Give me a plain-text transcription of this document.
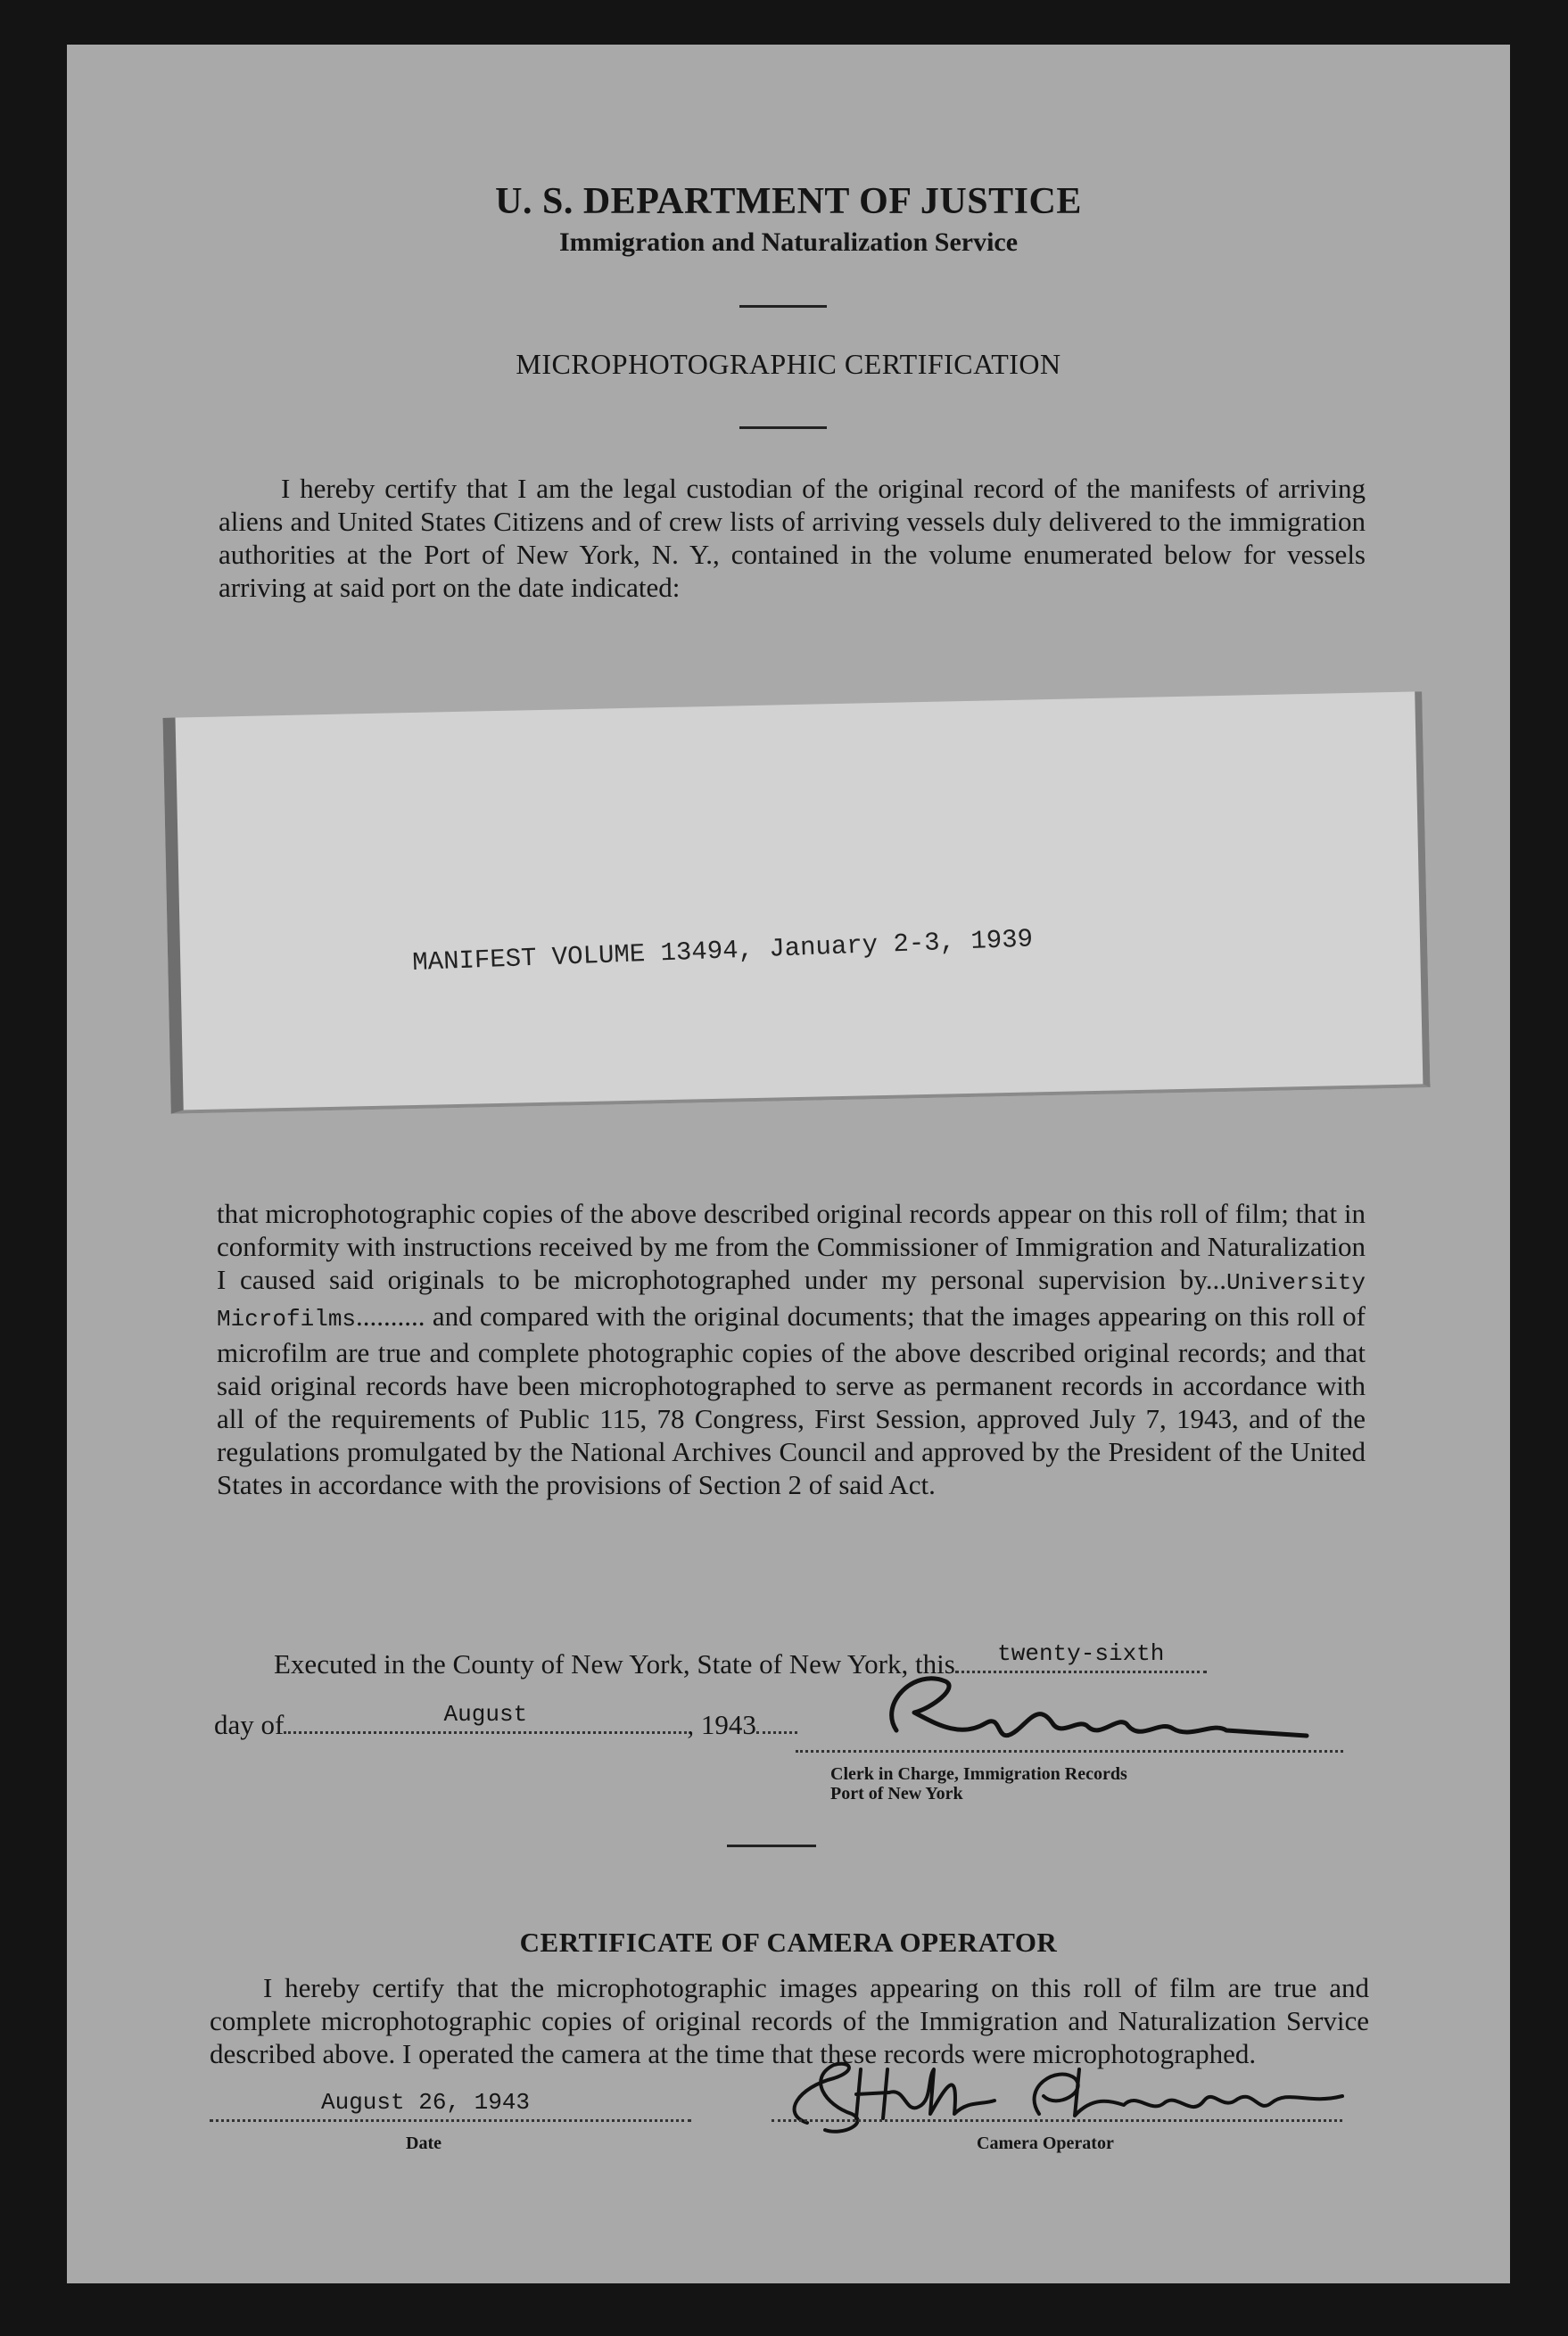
U. S. DEPARTMENT OF JUSTICE
Immigration and Naturalization Service
MICROPHOTOGRAPHIC CERTIFICATION
I hereby certify that I am the legal custodian of the original record of the manifests of arriving aliens and United States Citizens and of crew lists of arriving vessels duly delivered to the immigration authorities at the Port of New York, N. Y., contained in the volume enumerated below for vessels arriving at said port on the date indicated:
MANIFEST VOLUME 13494, January 2-3, 1939
that microphotographic copies of the above described original records appear on this roll of film; that in conformity with instructions received by me from the Commissioner of Immigration and Naturalization I caused said originals to be microphotographed under my personal supervision by...University Microfilms.......... and compared with the original documents; that the images appearing on this roll of microfilm are true and complete photographic copies of the above described original records; and that said original records have been microphotographed to serve as permanent records in accordance with all of the requirements of Public 115, 78 Congress, First Session, approved July 7, 1943, and of the regulations promulgated by the National Archives Council and approved by the President of the United States in accordance with the provisions of Section 2 of said Act.
Executed in the County of New York, State of New York, this	twenty-sixth
day of	August	, 1943
Clerk in Charge, Immigration Records
Port of New York
CERTIFICATE OF CAMERA OPERATOR
I hereby certify that the microphotographic images appearing on this roll of film are true and complete microphotographic copies of original records of the Immigration and Naturalization Service described above. I operated the camera at the time that these records were microphotographed.
August 26, 1943
Date	Camera Operator
